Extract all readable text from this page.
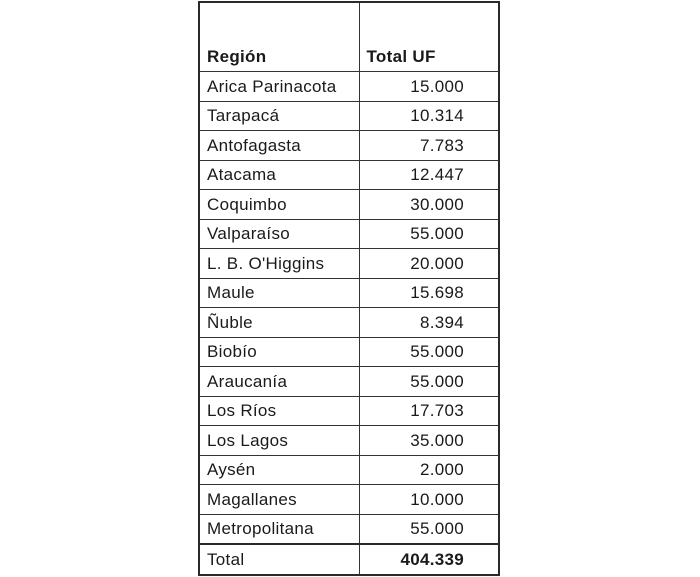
Región	Total UF
Arica Parinacota	15.000
Tarapacá	10.314
Antofagasta	7.783
Atacama	12.447
Coquimbo	30.000
Valparaíso	55.000
L. B. O'Higgins	20.000
Maule	15.698
Ñuble	8.394
Biobío	55.000
Araucanía	55.000
Los Ríos	17.703
Los Lagos	35.000
Aysén	2.000
Magallanes	10.000
Metropolitana	55.000
Total	404.339
